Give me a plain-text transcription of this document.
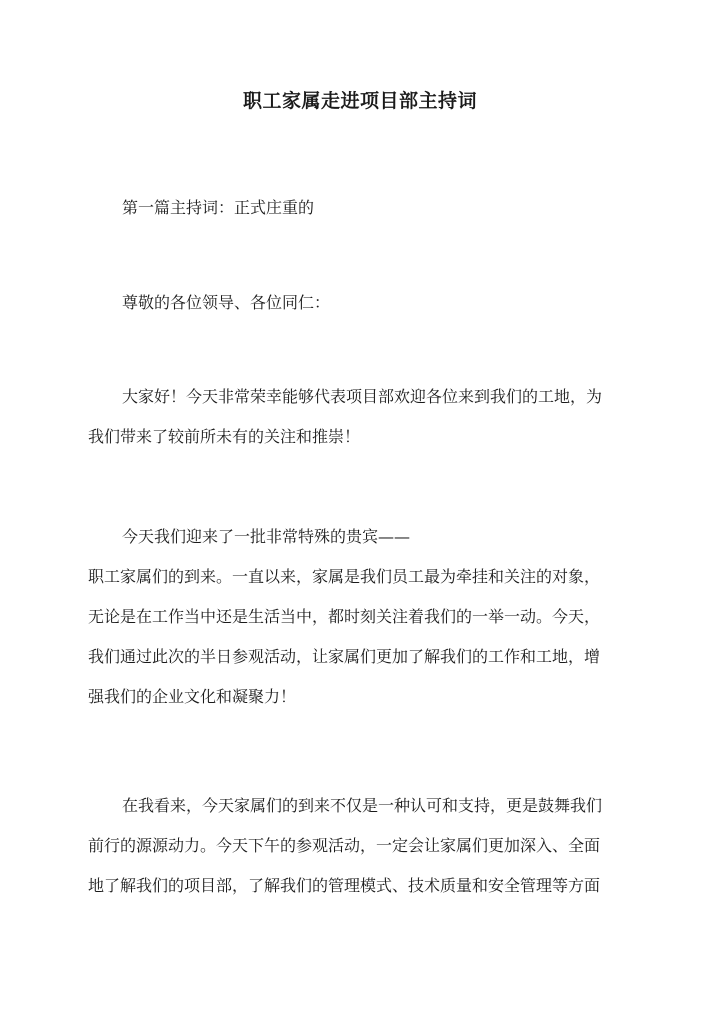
职工家属走进项目部主持词

第一篇主持词：正式庄重的

尊敬的各位领导、各位同仁：

大家好！今天非常荣幸能够代表项目部欢迎各位来到我们的工地，为
我们带来了较前所未有的关注和推崇！

今天我们迎来了一批非常特殊的贵宾——
职工家属们的到来。一直以来，家属是我们员工最为牵挂和关注的对象，
无论是在工作当中还是生活当中，都时刻关注着我们的一举一动。今天，
我们通过此次的半日参观活动，让家属们更加了解我们的工作和工地，增
强我们的企业文化和凝聚力！

在我看来，今天家属们的到来不仅是一种认可和支持，更是鼓舞我们
前行的源源动力。今天下午的参观活动，一定会让家属们更加深入、全面
地了解我们的项目部，了解我们的管理模式、技术质量和安全管理等方面
